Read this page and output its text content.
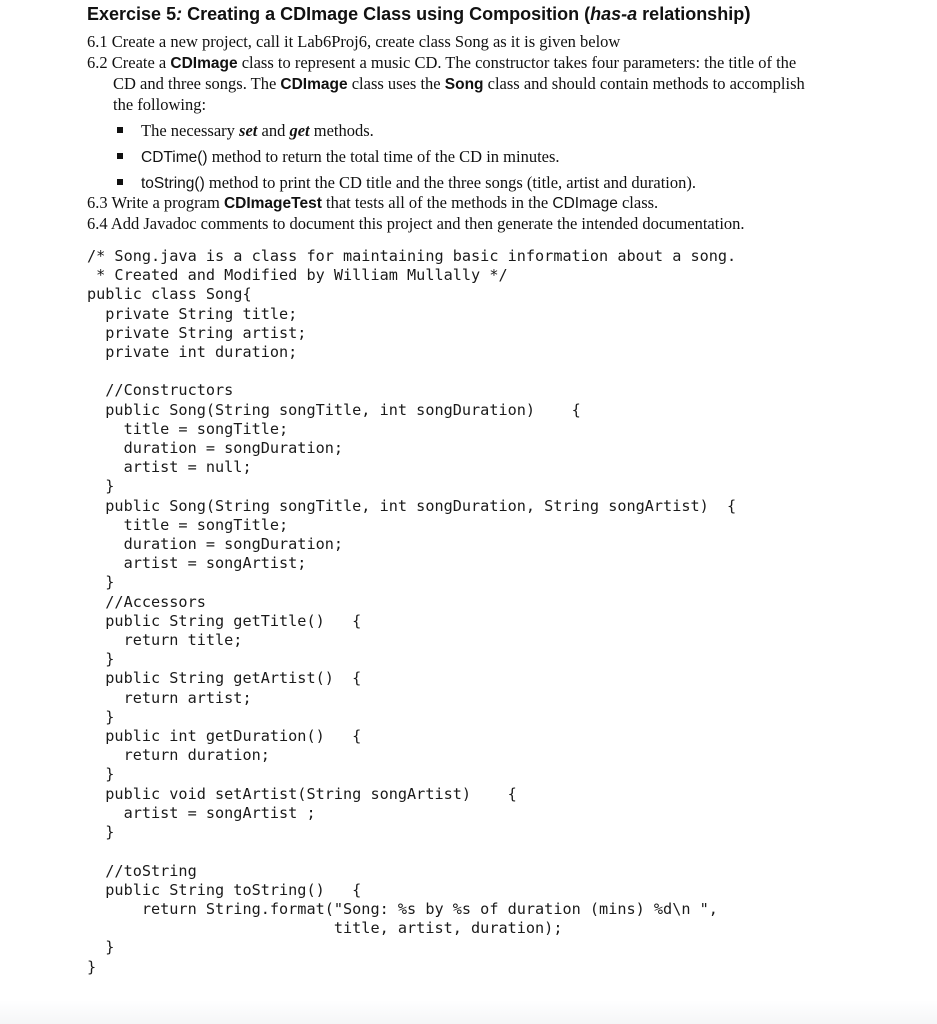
Exercise 5: Creating a CDImage Class using Composition (has-a relationship)
6.1 Create a new project, call it Lab6Proj6, create class Song as it is given below
6.2 Create a CDImage class to represent a music CD. The constructor takes four parameters: the title of the
CD and three songs. The CDImage class uses the Song class and should contain methods to accomplish
the following:
The necessary set and get methods.
CDTime() method to return the total time of the CD in minutes.
toString() method to print the CD title and the three songs (title, artist and duration).
6.3 Write a program CDImageTest that tests all of the methods in the CDImage class.
6.4 Add Javadoc comments to document this project and then generate the intended documentation.
/* Song.java is a class for maintaining basic information about a song.
* Created and Modified by William Mullally */
public class Song{
private String title;
private String artist;
private int duration;

//Constructors
public Song(String songTitle, int songDuration)    {
title = songTitle;
duration = songDuration;
artist = null;
}
public Song(String songTitle, int songDuration, String songArtist)  {
title = songTitle;
duration = songDuration;
artist = songArtist;
}
//Accessors
public String getTitle()   {
return title;
}
public String getArtist()  {
return artist;
}
public int getDuration()   {
return duration;
}
public void setArtist(String songArtist)    {
artist = songArtist ;
}

//toString
public String toString()   {
return String.format("Song: %s by %s of duration (mins) %d\n ",
title, artist, duration);
}
}
